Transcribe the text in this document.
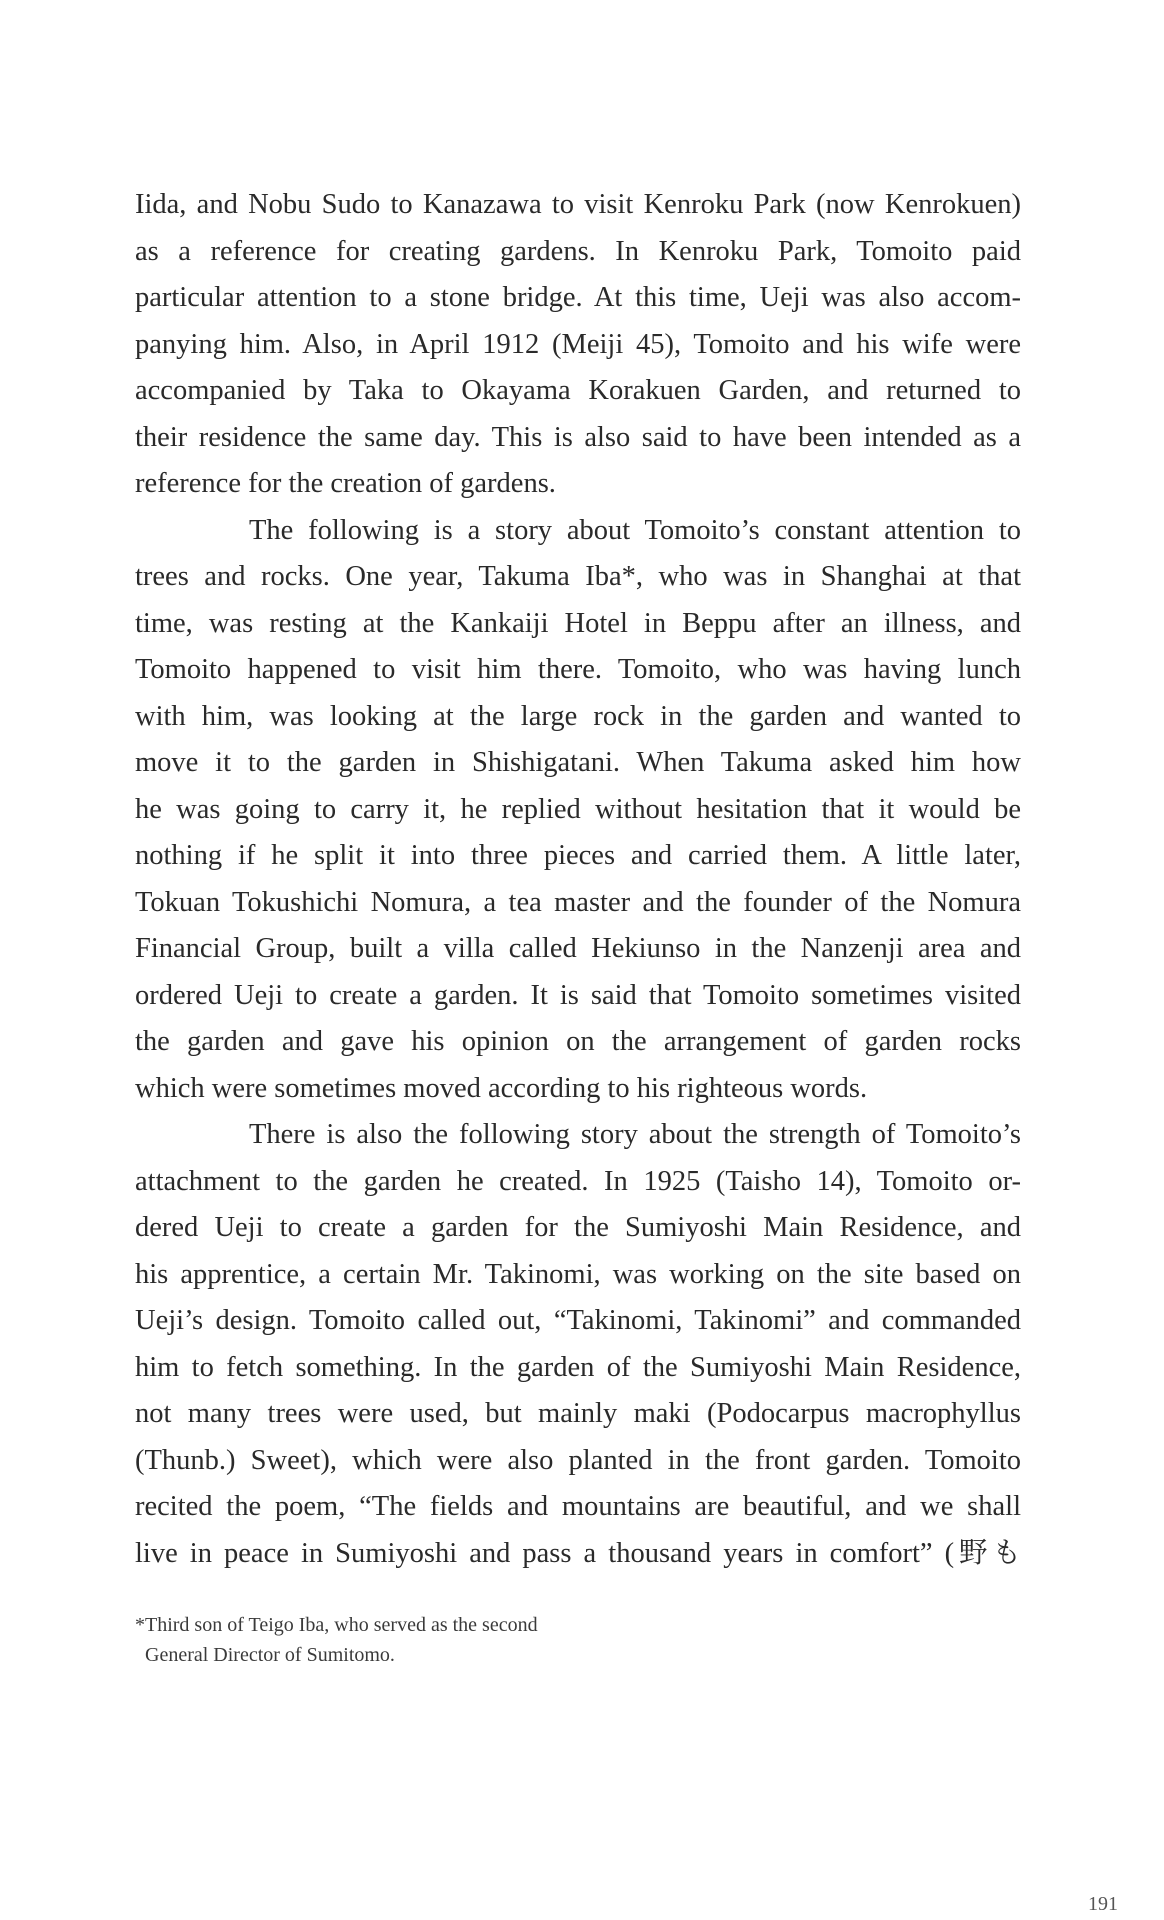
Iida, and Nobu Sudo to Kanazawa to visit Kenroku Park (now Kenrokuen)
as a reference for creating gardens. In Kenroku Park, Tomoito paid
particular attention to a stone bridge. At this time, Ueji was also accom-
panying him. Also, in April 1912 (Meiji 45), Tomoito and his wife were
accompanied by Taka to Okayama Korakuen Garden, and returned to
their residence the same day. This is also said to have been intended as a
reference for the creation of gardens.
The following is a story about Tomoito’s constant attention to
trees and rocks. One year, Takuma Iba*, who was in Shanghai at that
time, was resting at the Kankaiji Hotel in Beppu after an illness, and
Tomoito happened to visit him there. Tomoito, who was having lunch
with him, was looking at the large rock in the garden and wanted to
move it to the garden in Shishigatani. When Takuma asked him how
he was going to carry it, he replied without hesitation that it would be
nothing if he split it into three pieces and carried them. A little later,
Tokuan Tokushichi Nomura, a tea master and the founder of the Nomura
Financial Group, built a villa called Hekiunso in the Nanzenji area and
ordered Ueji to create a garden. It is said that Tomoito sometimes visited
the garden and gave his opinion on the arrangement of garden rocks
which were sometimes moved according to his righteous words.
There is also the following story about the strength of Tomoito’s
attachment to the garden he created. In 1925 (Taisho 14), Tomoito or-
dered Ueji to create a garden for the Sumiyoshi Main Residence, and
his apprentice, a certain Mr. Takinomi, was working on the site based on
Ueji’s design. Tomoito called out, “Takinomi, Takinomi” and commanded
him to fetch something. In the garden of the Sumiyoshi Main Residence,
not many trees were used, but mainly maki (Podocarpus macrophyllus
(Thunb.) Sweet), which were also planted in the front garden. Tomoito
recited the poem, “The fields and mountains are beautiful, and we shall
live in peace in Sumiyoshi and pass a thousand years in comfort” (野も
*Third son of Teigo Iba, who served as the second
General Director of Sumitomo.
191
